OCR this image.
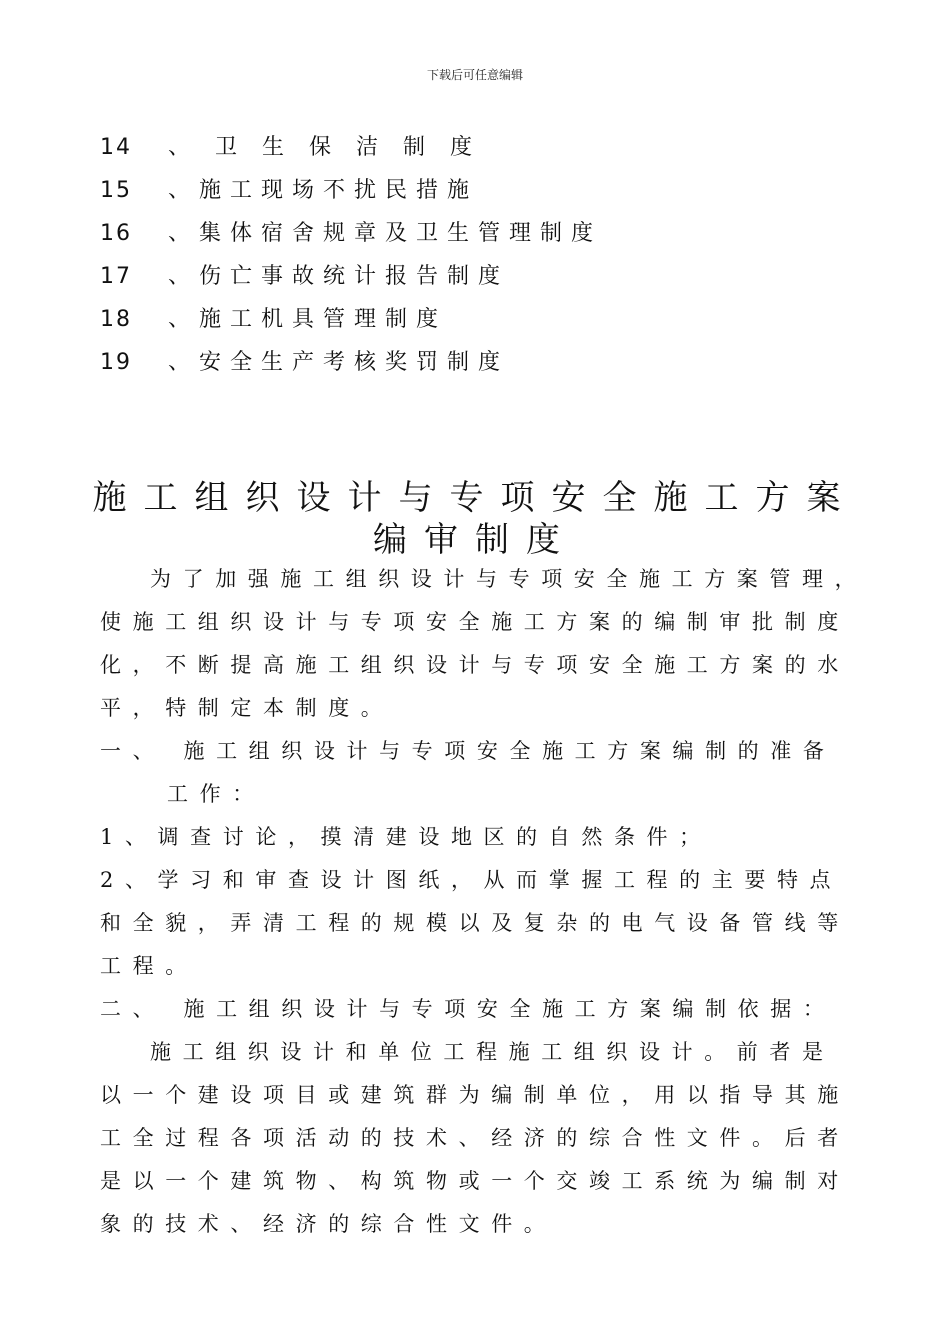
下载后可任意编辑
14 、 卫 生 保 洁 制 度
15 、施工现场不扰民措施
16 、集体宿舍规章及卫生管理制度
17 、伤亡事故统计报告制度
18 、施工机具管理制度
19 、安全生产考核奖罚制度
施工组织设计与专项安全施工方案
编审制度
为了加强施工组织设计与专项安全施工方案管理，
使施工组织设计与专项安全施工方案的编制审批制度
化，不断提高施工组织设计与专项安全施工方案的水
平，特制定本制度。
一、 施工组织设计与专项安全施工方案编制的准备
工作：
1、调查讨论，摸清建设地区的自然条件；
2、学习和审查设计图纸，从而掌握工程的主要特点
和全貌，弄清工程的规模以及复杂的电气设备管线等
工程。
二、 施工组织设计与专项安全施工方案编制依据：
施工组织设计和单位工程施工组织设计。前者是
以一个建设项目或建筑群为编制单位，用以指导其施
工全过程各项活动的技术、经济的综合性文件。后者
是以一个建筑物、构筑物或一个交竣工系统为编制对
象的技术、经济的综合性文件。
